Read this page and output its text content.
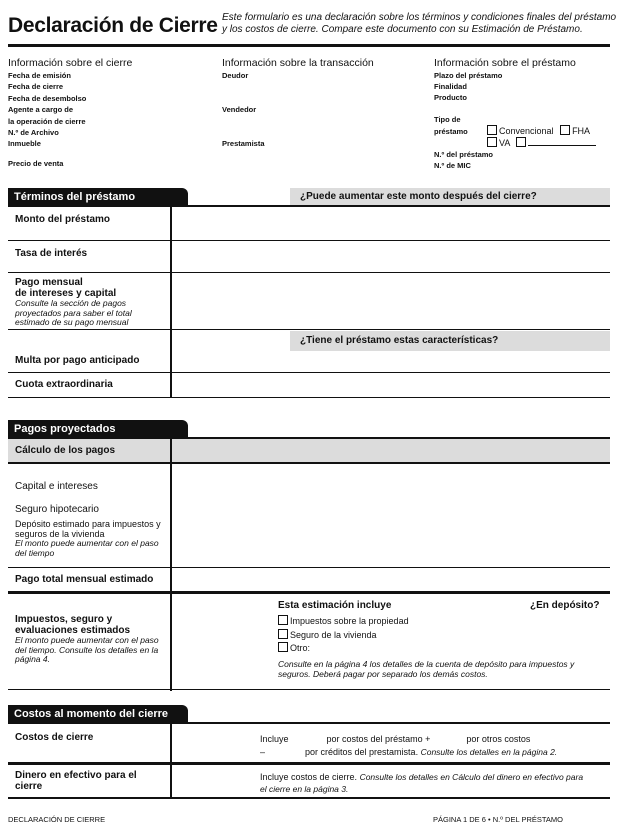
Declaración de Cierre Este formulario es una declaración sobre los términos y condiciones finales del préstamo y los costos de cierre. Compare este documento con su Estimación de Préstamo.
Información sobre el cierre
Fecha de emisión
Fecha de cierre
Fecha de desembolso
Agente a cargo de
la operación de cierre
N.º de Archivo
Inmueble
Precio de venta
Información sobre la transacción
Deudor
Vendedor
Prestamista
Información sobre el préstamo
Plazo del préstamo
Finalidad
Producto
Tipo de
préstamo	Convencional FHA
VA
N.º del préstamo
N.º de MIC
Términos del préstamo	¿Puede aumentar este monto después del cierre?
Monto del préstamo
Tasa de interés
Pago mensual
de intereses y capital
Consulte la sección de pagos proyectados para saber el total estimado de su pago mensual
¿Tiene el préstamo estas características?
Multa por pago anticipado
Cuota extraordinaria
Pagos proyectados
Cálculo de los pagos
Capital e intereses
Seguro hipotecario
Depósito estimado para impuestos y seguros de la vivienda
El monto puede aumentar con el paso del tiempo
Pago total mensual estimado
Impuestos, seguro y evaluaciones estimados
El monto puede aumentar con el paso del tiempo. Consulte los detalles en la página 4.
Esta estimación incluye	¿En depósito?
Impuestos sobre la propiedad
Seguro de la vivienda
Otro:
Consulte en la página 4 los detalles de la cuenta de depósito para impuestos y seguros. Deberá pagar por separado los demás costos.
Costos al momento del cierre
Costos de cierre	Incluye	por costos del préstamo +	por otros costos
–	por créditos del prestamista. Consulte los detalles en la página 2.
Dinero en efectivo para el cierre
Incluye costos de cierre. Consulte los detalles en Cálculo del dinero en efectivo para el cierre en la página 3.
DECLARACIÓN DE CIERRE	PÁGINA 1 DE 6 • N.º DEL PRÉSTAMO
